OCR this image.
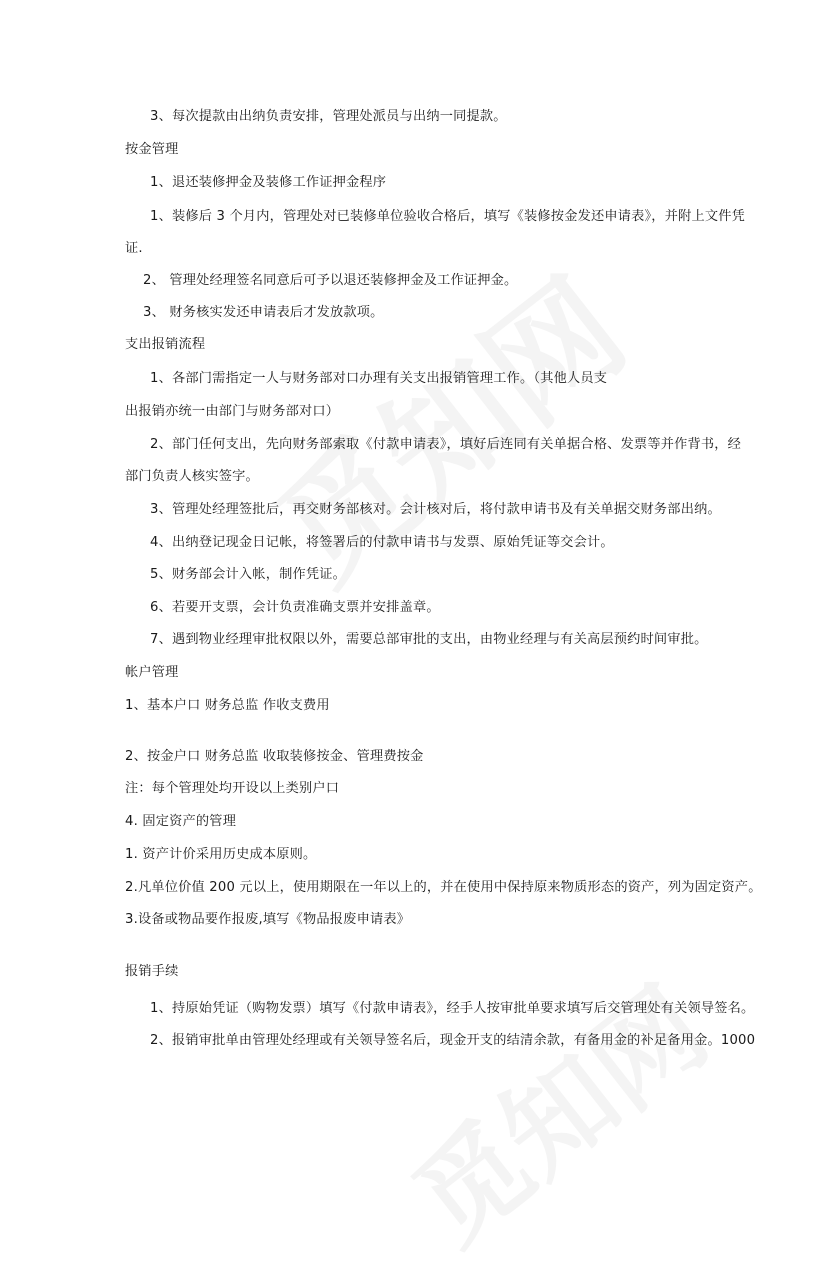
3、每次提款由出纳负责安排，管理处派员与出纳一同提款。
按金管理
1、退还装修押金及装修工作证押金程序
1、装修后 3 个月内，管理处对已装修单位验收合格后，填写《装修按金发还申请表》，并附上文件凭
证.
2、 管理处经理签名同意后可予以退还装修押金及工作证押金。
3、 财务核实发还申请表后才发放款项。
支出报销流程
1、各部门需指定一人与财务部对口办理有关支出报销管理工作。（其他人员支
出报销亦统一由部门与财务部对口）
2、部门任何支出，先向财务部索取《付款申请表》，填好后连同有关单据合格、发票等并作背书，经
部门负责人核实签字。
3、管理处经理签批后，再交财务部核对。会计核对后，将付款申请书及有关单据交财务部出纳。
4、出纳登记现金日记帐，将签署后的付款申请书与发票、原始凭证等交会计。
5、财务部会计入帐，制作凭证。
6、若要开支票，会计负责准确支票并安排盖章。
7、遇到物业经理审批权限以外，需要总部审批的支出，由物业经理与有关高层预约时间审批。
帐户管理
1、基本户口 财务总监 作收支费用
2、按金户口 财务总监 收取装修按金、管理费按金
注：每个管理处均开设以上类别户口
4. 固定资产的管理
1. 资产计价采用历史成本原则。
2.凡单位价值 200 元以上，使用期限在一年以上的，并在使用中保持原来物质形态的资产，列为固定资产。
3.设备或物品要作报废,填写《物品报废申请表》
报销手续
1、持原始凭证（购物发票）填写《付款申请表》，经手人按审批单要求填写后交管理处有关领导签名。
2、报销审批单由管理处经理或有关领导签名后，现金开支的结清余款，有备用金的补足备用金。1000
